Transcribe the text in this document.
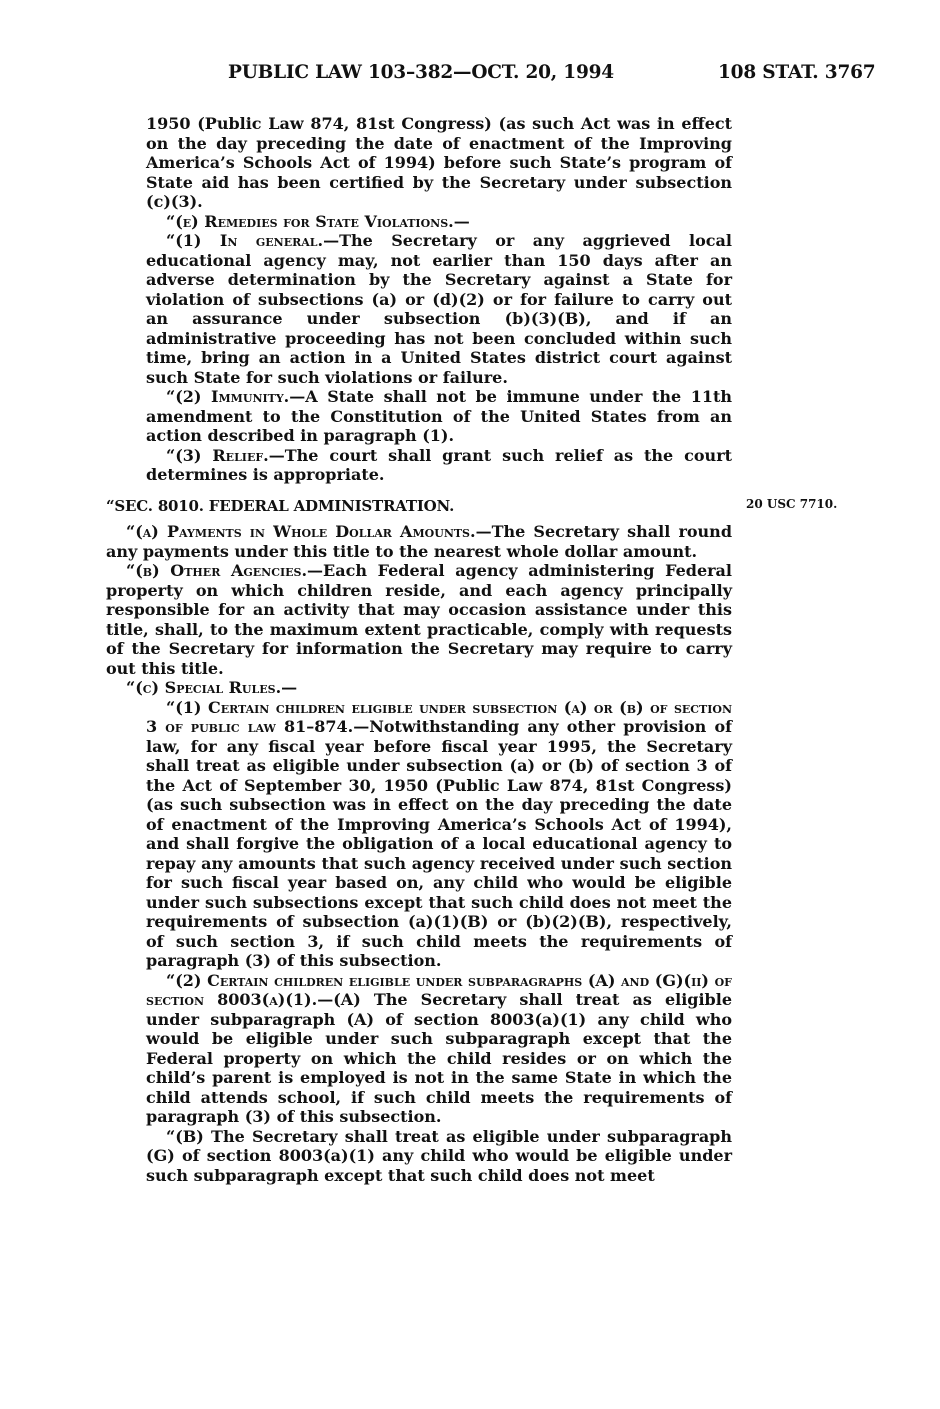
PUBLIC LAW 103–382—OCT. 20, 1994	108 STAT. 3767
20 USC 7710.

1950 (Public Law 874, 81st Congress) (as such Act was in effect on the day preceding the date of enactment of the Improving America’s Schools Act of 1994) before such State’s program of State aid has been certified by the Secretary under subsection (c)(3).

“(e) Remedies for State Violations.—

“(1) In general.—The Secretary or any aggrieved local educational agency may, not earlier than 150 days after an adverse determination by the Secretary against a State for violation of subsections (a) or (d)(2) or for failure to carry out an assurance under subsection (b)(3)(B), and if an administrative proceeding has not been concluded within such time, bring an action in a United States district court against such State for such violations or failure.

“(2) Immunity.—A State shall not be immune under the 11th amendment to the Constitution of the United States from an action described in paragraph (1).

“(3) Relief.—The court shall grant such relief as the court determines is appropriate.

“SEC. 8010. FEDERAL ADMINISTRATION.

“(a) Payments in Whole Dollar Amounts.—The Secretary shall round any payments under this title to the nearest whole dollar amount.

“(b) Other Agencies.—Each Federal agency administering Federal property on which children reside, and each agency principally responsible for an activity that may occasion assistance under this title, shall, to the maximum extent practicable, comply with requests of the Secretary for information the Secretary may require to carry out this title.

“(c) Special Rules.—

“(1) Certain children eligible under subsection (a) or (b) of section 3 of public law 81–874.—Notwithstanding any other provision of law, for any fiscal year before fiscal year 1995, the Secretary shall treat as eligible under subsection (a) or (b) of section 3 of the Act of September 30, 1950 (Public Law 874, 81st Congress) (as such subsection was in effect on the day preceding the date of enactment of the Improving America’s Schools Act of 1994), and shall forgive the obligation of a local educational agency to repay any amounts that such agency received under such section for such fiscal year based on, any child who would be eligible under such subsections except that such child does not meet the requirements of subsection (a)(1)(B) or (b)(2)(B), respectively, of such section 3, if such child meets the requirements of paragraph (3) of this subsection.

“(2) Certain children eligible under subparagraphs (A) and (G)(ii) of section 8003(a)(1).—(A) The Secretary shall treat as eligible under subparagraph (A) of section 8003(a)(1) any child who would be eligible under such subparagraph except that the Federal property on which the child resides or on which the child’s parent is employed is not in the same State in which the child attends school, if such child meets the requirements of paragraph (3) of this subsection.

“(B) The Secretary shall treat as eligible under subparagraph (G) of section 8003(a)(1) any child who would be eligible under such subparagraph except that such child does not meet
